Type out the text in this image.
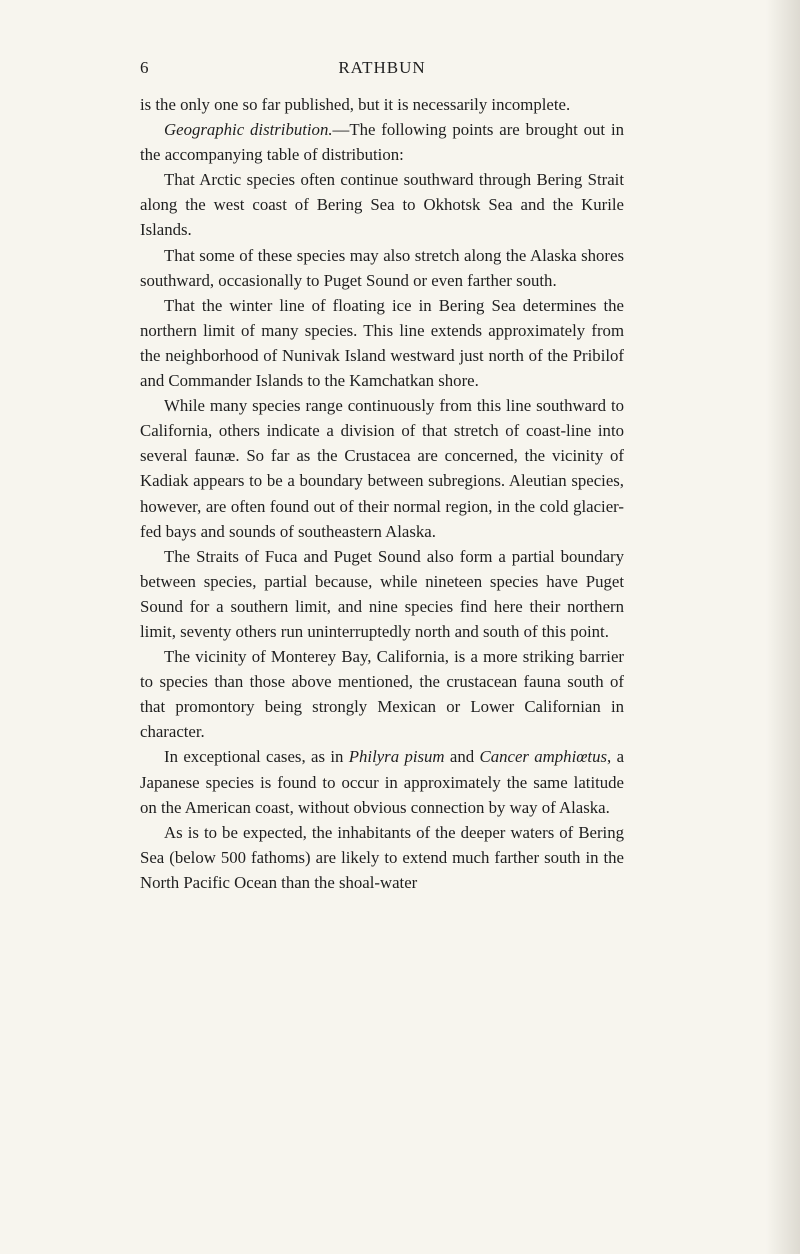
6	RATHBUN

is the only one so far published, but it is necessarily incomplete.

Geographic distribution.—The following points are brought out in the accompanying table of distribution:

That Arctic species often continue southward through Bering Strait along the west coast of Bering Sea to Okhotsk Sea and the Kurile Islands.

That some of these species may also stretch along the Alaska shores southward, occasionally to Puget Sound or even farther south.

That the winter line of floating ice in Bering Sea determines the northern limit of many species. This line extends approximately from the neighborhood of Nunivak Island westward just north of the Pribilof and Commander Islands to the Kamchatkan shore.

While many species range continuously from this line southward to California, others indicate a division of that stretch of coast-line into several faunæ. So far as the Crustacea are concerned, the vicinity of Kadiak appears to be a boundary between subregions. Aleutian species, however, are often found out of their normal region, in the cold glacier-fed bays and sounds of southeastern Alaska.

The Straits of Fuca and Puget Sound also form a partial boundary between species, partial because, while nineteen species have Puget Sound for a southern limit, and nine species find here their northern limit, seventy others run uninterruptedly north and south of this point.

The vicinity of Monterey Bay, California, is a more striking barrier to species than those above mentioned, the crustacean fauna south of that promontory being strongly Mexican or Lower Californian in character.

In exceptional cases, as in Philyra pisum and Cancer amphiœtus, a Japanese species is found to occur in approximately the same latitude on the American coast, without obvious connection by way of Alaska.

As is to be expected, the inhabitants of the deeper waters of Bering Sea (below 500 fathoms) are likely to extend much farther south in the North Pacific Ocean than the shoal-water
